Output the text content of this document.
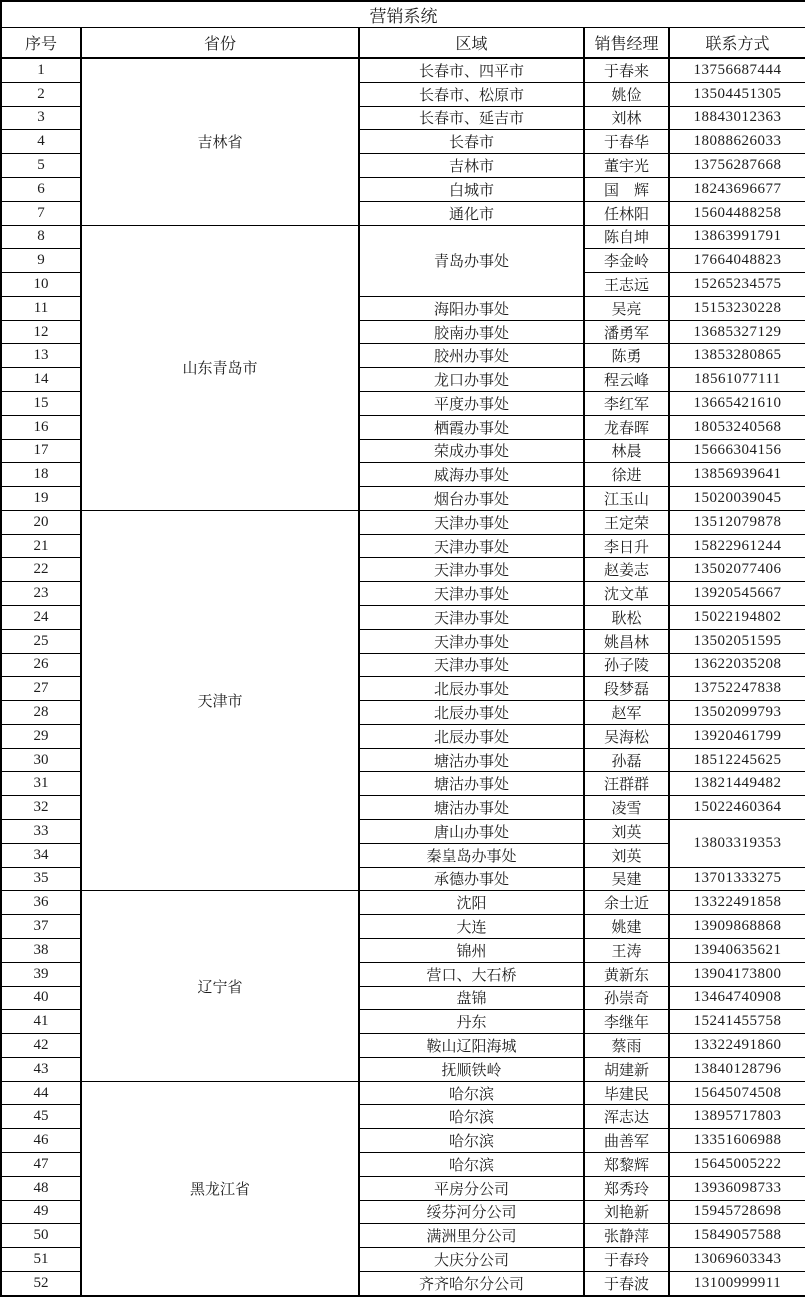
营销系统				
序号	省份	区域	销售经理	联系方式
1	吉林省	长春市、四平市	于春来	13756687444
2		长春市、松原市	姚俭	13504451305
3		长春市、延吉市	刘林	18843012363
4		长春市	于春华	18088626033
5		吉林市	董宇光	13756287668
6		白城市	国　辉	18243696677
7		通化市	任林阳	15604488258
8	山东青岛市	青岛办事处	陈自坤	13863991791
9			李金岭	17664048823
10			王志远	15265234575
11		海阳办事处	吴亮	15153230228
12		胶南办事处	潘勇军	13685327129
13		胶州办事处	陈勇	13853280865
14		龙口办事处	程云峰	18561077111
15		平度办事处	李红军	13665421610
16		栖霞办事处	龙春晖	18053240568
17		荣成办事处	林晨	15666304156
18		威海办事处	徐进	13856939641
19		烟台办事处	江玉山	15020039045
20	天津市	天津办事处	王定荣	13512079878
21		天津办事处	李日升	15822961244
22		天津办事处	赵姜志	13502077406
23		天津办事处	沈文革	13920545667
24		天津办事处	耿松	15022194802
25		天津办事处	姚昌林	13502051595
26		天津办事处	孙子陵	13622035208
27		北辰办事处	段梦磊	13752247838
28		北辰办事处	赵军	13502099793
29		北辰办事处	吴海松	13920461799
30		塘沽办事处	孙磊	18512245625
31		塘沽办事处	汪群群	13821449482
32		塘沽办事处	凌雪	15022460364
33		唐山办事处	刘英	13803319353
34		秦皇岛办事处	刘英	
35		承德办事处	吴建	13701333275
36	辽宁省	沈阳	余士近	13322491858
37		大连	姚建	13909868868
38		锦州	王涛	13940635621
39		营口、大石桥	黄新东	13904173800
40		盘锦	孙崇奇	13464740908
41		丹东	李继年	15241455758
42		鞍山辽阳海城	蔡雨	13322491860
43		抚顺铁岭	胡建新	13840128796
44	黑龙江省	哈尔滨	毕建民	15645074508
45		哈尔滨	浑志达	13895717803
46		哈尔滨	曲善军	13351606988
47		哈尔滨	郑黎辉	15645005222
48		平房分公司	郑秀玲	13936098733
49		绥芬河分公司	刘艳新	15945728698
50		满洲里分公司	张静萍	15849057588
51		大庆分公司	于春玲	13069603343
52		齐齐哈尔分公司	于春波	13100999911
